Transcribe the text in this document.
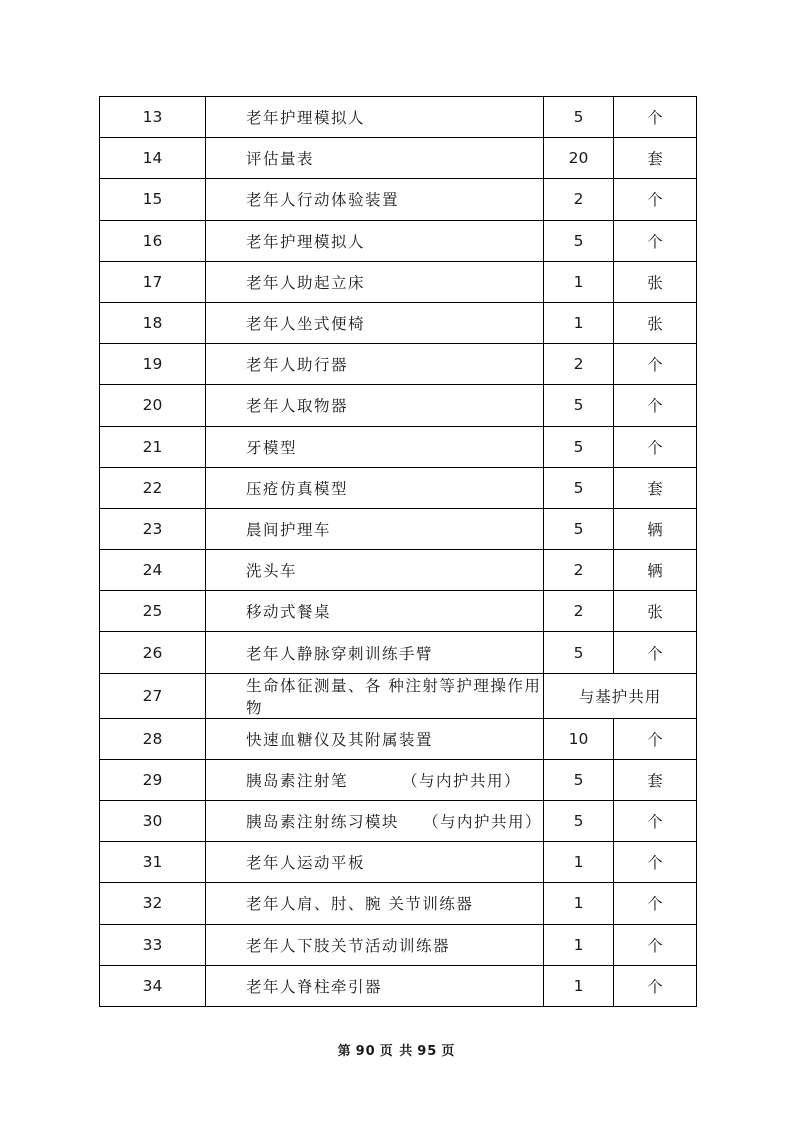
13	老年护理模拟人	5	个
14	评估量表	20	套
15	老年人行动体验装置	2	个
16	老年护理模拟人	5	个
17	老年人助起立床	1	张
18	老年人坐式便椅	1	张
19	老年人助行器	2	个
20	老年人取物器	5	个
21	牙模型	5	个
22	压疮仿真模型	5	套
23	晨间护理车	5	辆
24	洗头车	2	辆
25	移动式餐桌	2	张
26	老年人静脉穿刺训练手臂	5	个
27	生命体征测量、各 种注射等护理操作用物	与基护共用	
28	快速血糖仪及其附属装置	10	个
29	胰岛素注射笔 （与内护共用）	5	套
30	胰岛素注射练习模块 （与内护共用）	5	个
31	老年人运动平板	1	个
32	老年人肩、肘、腕 关节训练器	1	个
33	老年人下肢关节活动训练器	1	个
34	老年人脊柱牵引器	1	个
第 90 页 共 95 页
